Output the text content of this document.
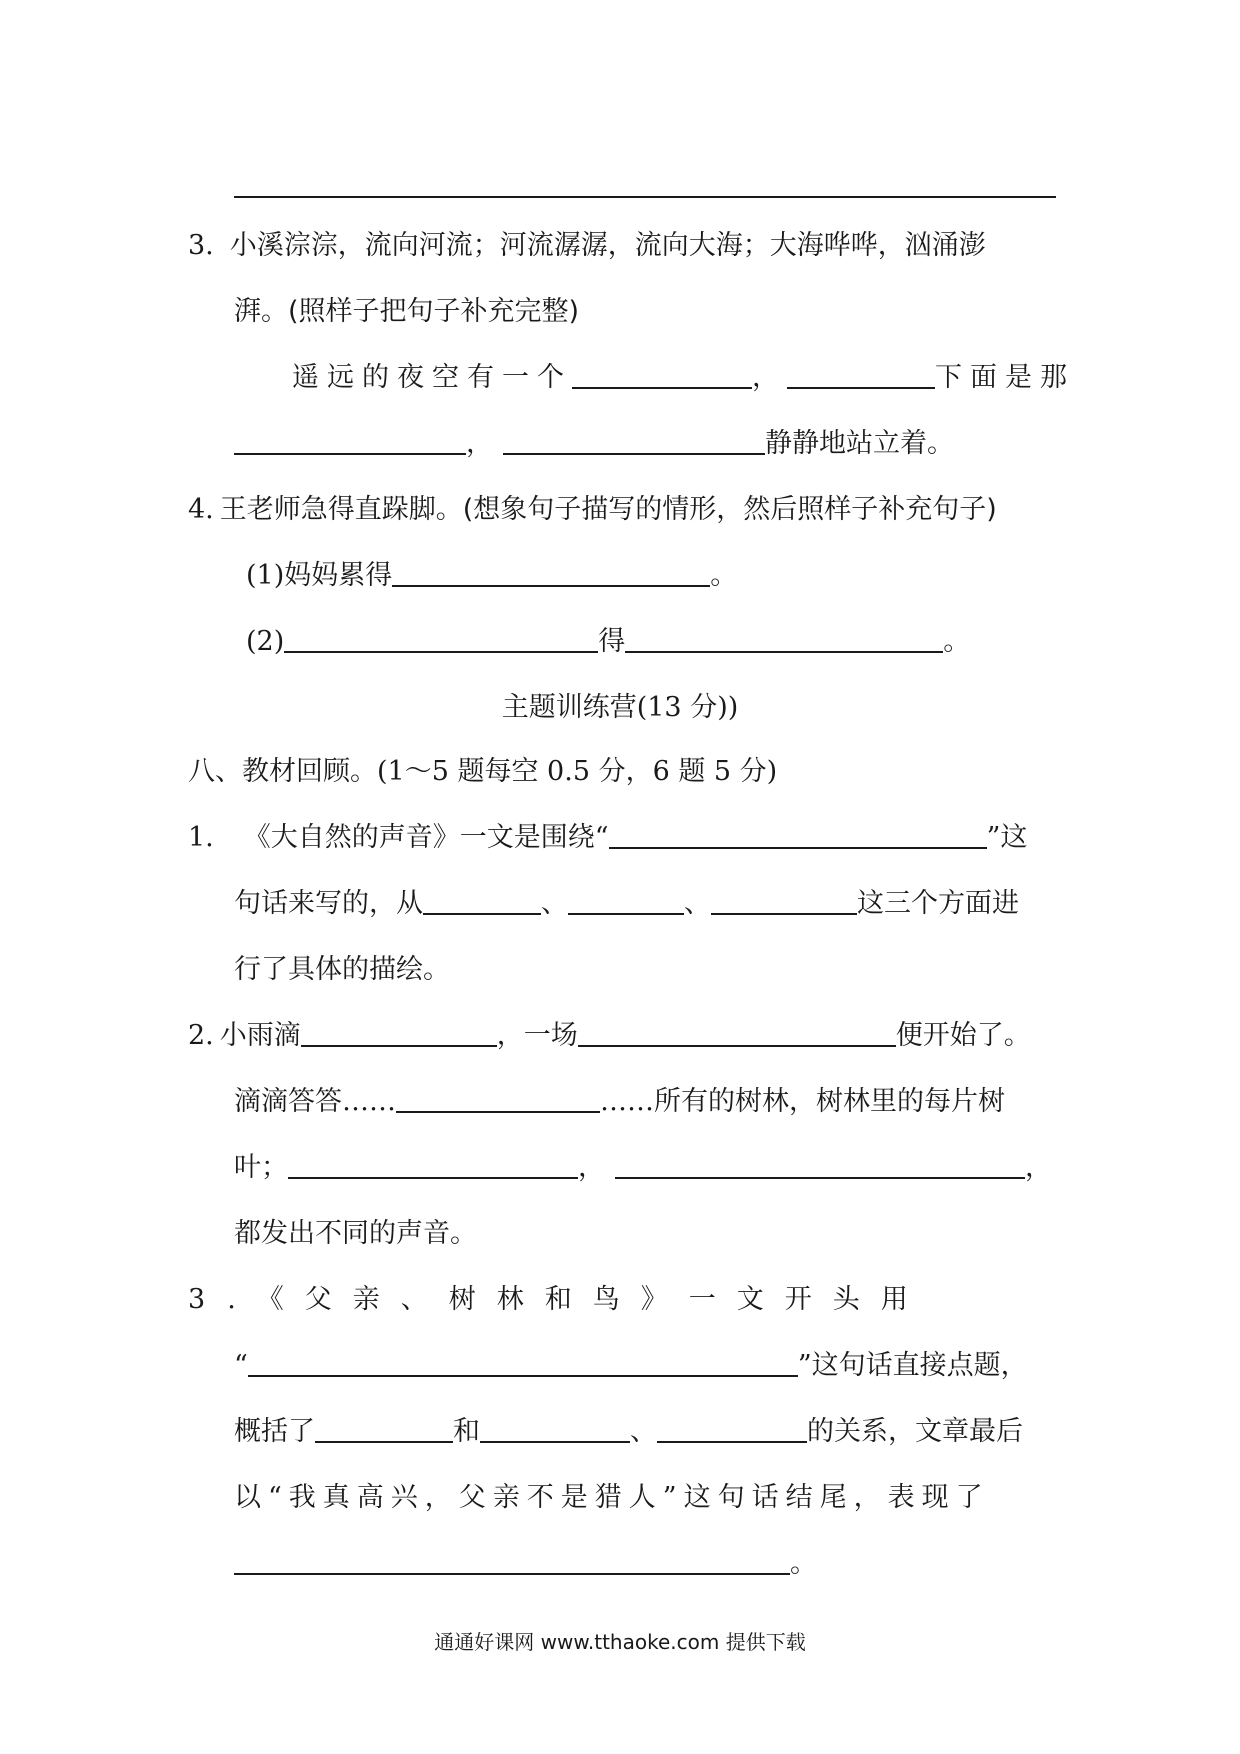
3. 小溪淙淙，流向河流；河流潺潺，流向大海；大海哗哗，汹涌澎
湃。(照样子把句子补充完整)
遥远的夜空有一个	，	下面是那
，	静静地站立着。
4. 王老师急得直跺脚。(想象句子描写的情形，然后照样子补充句子)
(1)妈妈累得	。
(2)	得	。
主题训练营(13 分))
八、教材回顾。(1～5 题每空 0.5 分，6 题 5 分)
1. 《大自然的声音》一文是围绕“	”这
句话来写的，从	、	、	这三个方面进
行了具体的描绘。
2. 小雨滴	，一场	便开始了。
滴滴答答……	……所有的树林，树林里的每片树
叶；	，	，
都发出不同的声音。
3 .《父亲、树林和鸟》一文开头用
“	”这句话直接点题，
概括了	和	、	的关系，文章最后
以“我真高兴，父亲不是猎人”这句话结尾，表现了
。
通通好课网 www.tthaoke.com 提供下载
